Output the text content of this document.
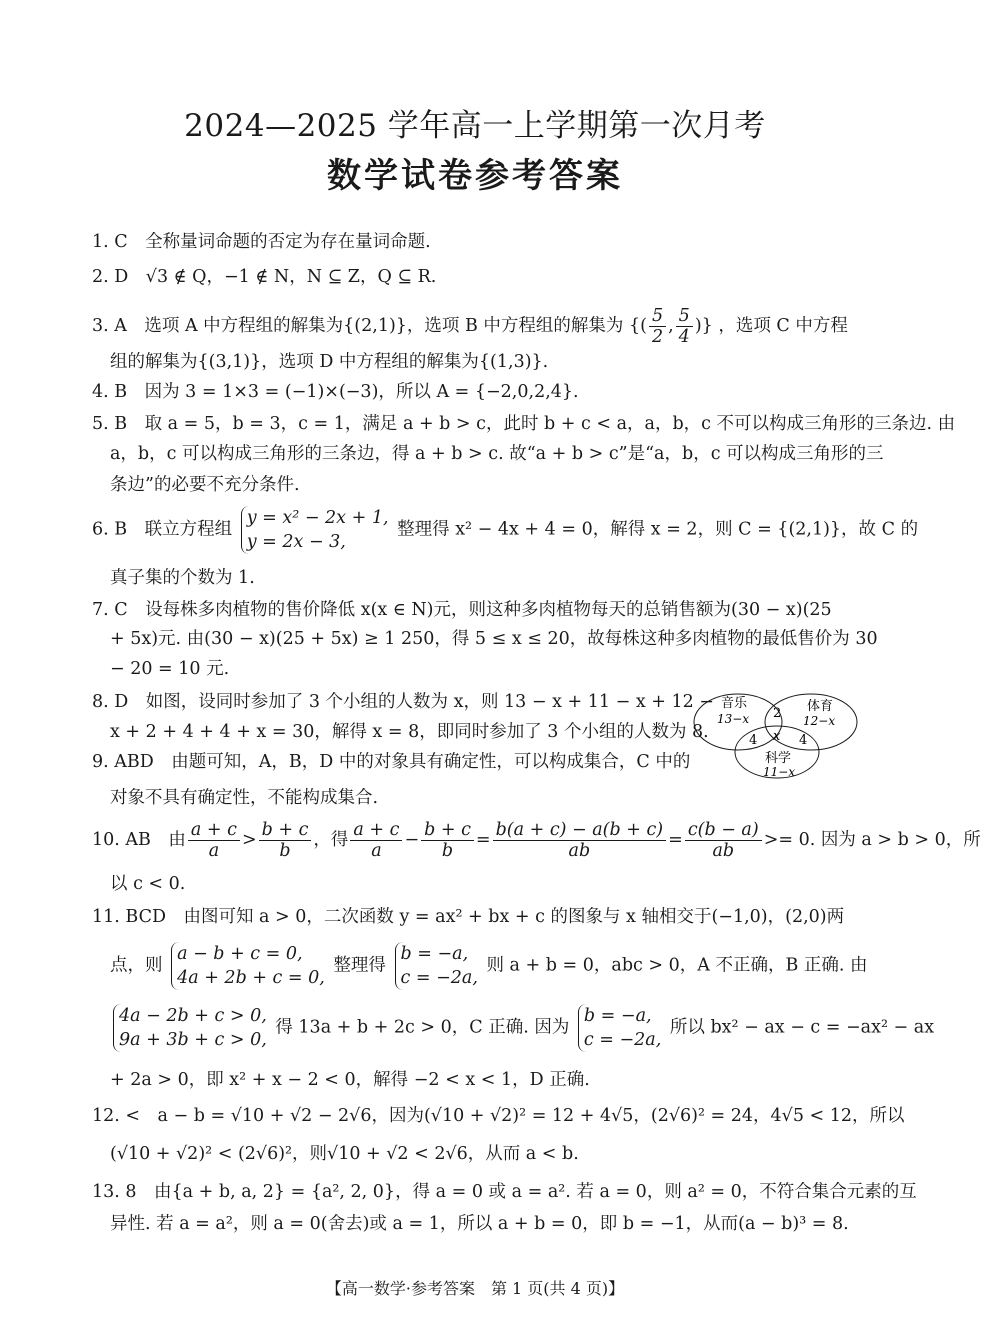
2024—2025 学年高一上学期第一次月考
数学试卷参考答案
1. C　全称量词命题的否定为存在量词命题.
2. D　√3 ∉ Q，−1 ∉ N，N ⊆ Z，Q ⊆ R.
3. A　选项 A 中方程组的解集为{(2,1)}，选项 B 中方程组的解集为 {( $\frac{5}{2}$ , $\frac{5}{4}$ )} ，选项 C 中方程
组的解集为{(3,1)}，选项 D 中方程组的解集为{(1,3)}.
4. B　因为 3 = 1×3 = (−1)×(−3)，所以 A = {−2,0,2,4}.
5. B　取 a = 5，b = 3，c = 1，满足 a + b > c，此时 b + c < a，a，b，c 不可以构成三角形的三条边. 由
a，b，c 可以构成三角形的三条边，得 a + b > c. 故“a + b > c”是“a，b，c 可以构成三角形的三
条边”的必要不充分条件.
6. B　联立方程组
y = x² − 2x + 1,
y = 2x − 3,
整理得 x² − 4x + 4 = 0，解得 x = 2，则 C = {(2,1)}，故 C 的
真子集的个数为 1.
7. C　设每株多肉植物的售价降低 x(x ∈ N)元，则这种多肉植物每天的总销售额为(30 − x)(25
+ 5x)元. 由(30 − x)(25 + 5x) ≥ 1 250，得 5 ≤ x ≤ 20，故每株这种多肉植物的最低售价为 30
− 20 = 10 元.
8. D　如图，设同时参加了 3 个小组的人数为 x，则 13 − x + 11 − x + 12 −
x + 2 + 4 + 4 + x = 30，解得 x = 8，即同时参加了 3 个小组的人数为 8.
音乐
13−x
体育
12−x
2
4	4
x
科学
11−x
9. ABD　由题可知，A，B，D 中的对象具有确定性，可以构成集合，C 中的
对象不具有确定性，不能构成集合.
10. AB　由 $\frac{a + c}{a} > \frac{b + c}{b}$ ，得 $\frac{a + c}{a} - \frac{b + c}{b} = \frac{b(a + c) - a(b + c)}{ab} = \frac{c(b - a)}{ab} >= 0$. 因为 a > b > 0，所
以 c < 0.
11. BCD　由图可知 a > 0，二次函数 y = ax² + bx + c 的图象与 x 轴相交于(−1,0)，(2,0)两
点，则
a − b + c = 0,
4a + 2b + c = 0,
整理得
b = −a,
c = −2a,
则 a + b = 0，abc > 0，A 不正确，B 正确. 由
4a − 2b + c > 0,
9a + 3b + c > 0,
得 13a + b + 2c > 0，C 正确. 因为
b = −a,
c = −2a,
所以 bx² − ax − c = −ax² − ax
+ 2a > 0，即 x² + x − 2 < 0，解得 −2 < x < 1，D 正确.
12. <　a − b = √10 + √2 − 2√6，因为(√10 + √2)² = 12 + 4√5，(2√6)² = 24，4√5 < 12，所以
(√10 + √2)² < (2√6)²，则√10 + √2 < 2√6，从而 a < b.
13. 8　由{a + b, a, 2} = {a², 2, 0}，得 a = 0 或 a = a². 若 a = 0，则 a² = 0，不符合集合元素的互
异性. 若 a = a²，则 a = 0(舍去)或 a = 1，所以 a + b = 0，即 b = −1，从而(a − b)³ = 8.
【高一数学·参考答案　第 1 页(共 4 页)】
